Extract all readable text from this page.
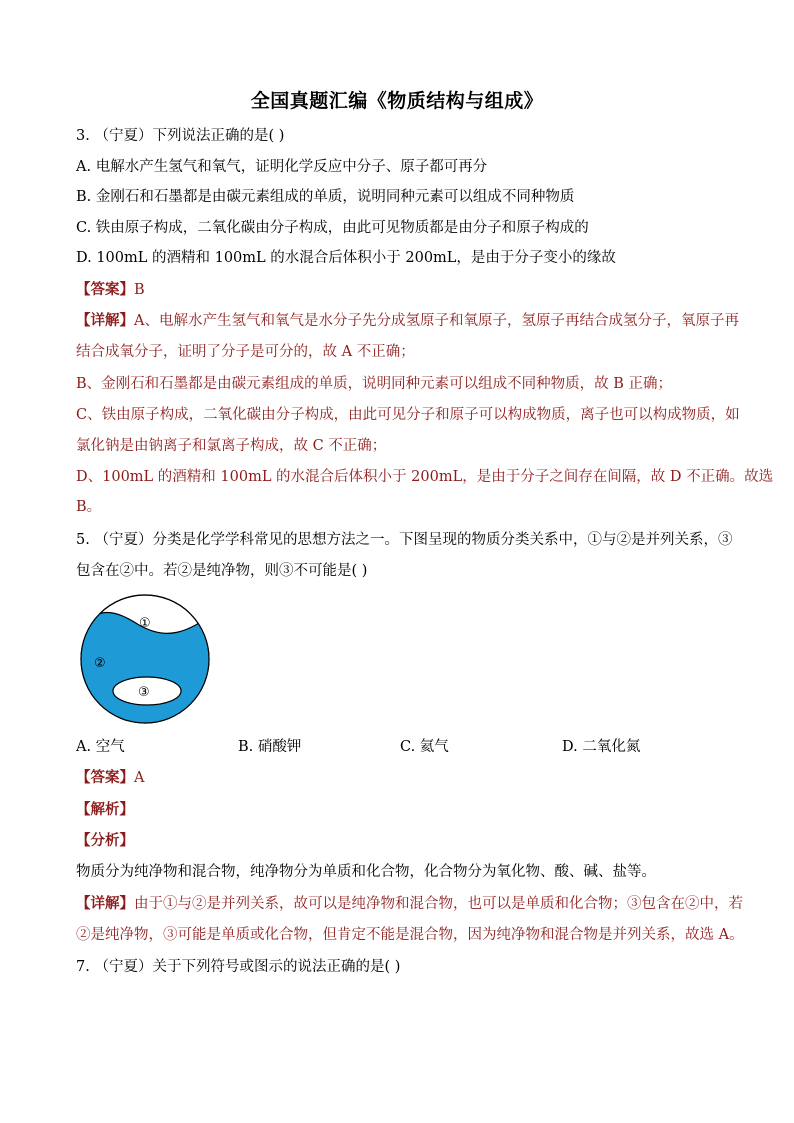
全国真题汇编《物质结构与组成》
3. （宁夏）下列说法正确的是( )
A. 电解水产生氢气和氧气，证明化学反应中分子、原子都可再分
B. 金刚石和石墨都是由碳元素组成的单质，说明同种元素可以组成不同种物质
C. 铁由原子构成，二氧化碳由分子构成，由此可见物质都是由分子和原子构成的
D. 100mL 的酒精和 100mL 的水混合后体积小于 200mL，是由于分子变小的缘故
【答案】B
【详解】A、电解水产生氢气和氧气是水分子先分成氢原子和氧原子，氢原子再结合成氢分子，氧原子再
结合成氧分子，证明了分子是可分的，故 A 不正确；
B、金刚石和石墨都是由碳元素组成的单质，说明同种元素可以组成不同种物质，故 B 正确；
C、铁由原子构成，二氧化碳由分子构成，由此可见分子和原子可以构成物质，离子也可以构成物质，如
氯化钠是由钠离子和氯离子构成，故 C 不正确；
D、100mL 的酒精和 100mL 的水混合后体积小于 200mL，是由于分子之间存在间隔，故 D 不正确。故选
B。
5. （宁夏）分类是化学学科常见的思想方法之一。下图呈现的物质分类关系中，①与②是并列关系，③
包含在②中。若②是纯净物，则③不可能是( )
①
②
③
A. 空气	B. 硝酸钾	C. 氦气	D. 二氧化氮
【答案】A
【解析】
【分析】
物质分为纯净物和混合物，纯净物分为单质和化合物，化合物分为氧化物、酸、碱、盐等。
【详解】由于①与②是并列关系，故可以是纯净物和混合物，也可以是单质和化合物；③包含在②中，若
②是纯净物，③可能是单质或化合物，但肯定不能是混合物，因为纯净物和混合物是并列关系，故选 A。
7. （宁夏）关于下列符号或图示的说法正确的是( )
